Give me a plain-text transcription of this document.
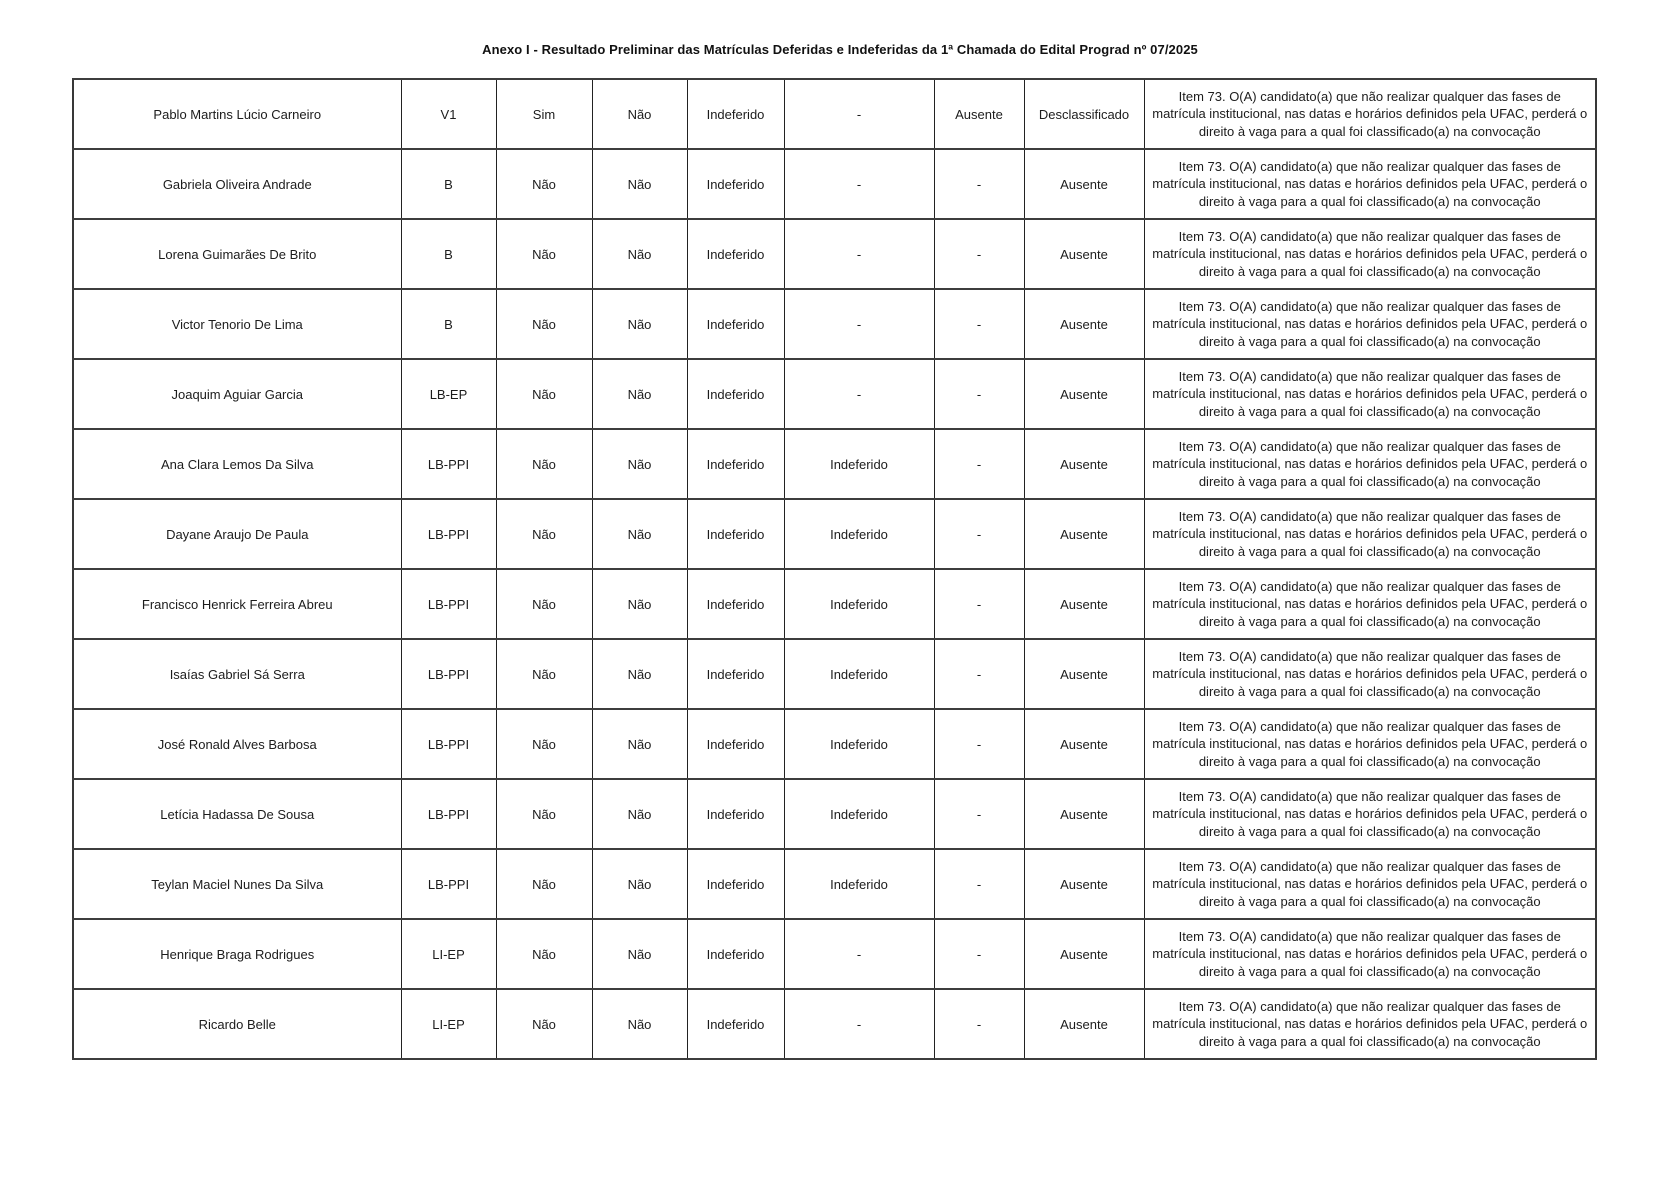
Anexo I - Resultado Preliminar das Matrículas Deferidas e Indeferidas da 1ª Chamada do Edital Prograd nº 07/2025
Pablo Martins Lúcio Carneiro	V1	Sim	Não	Indeferido	-	Ausente	Desclassificado	Item 73. O(A) candidato(a) que não realizar qualquer das fases de matrícula institucional, nas datas e horários definidos pela UFAC, perderá o direito à vaga para a qual foi classificado(a) na convocação
Gabriela Oliveira Andrade	B	Não	Não	Indeferido	-	-	Ausente	Item 73. O(A) candidato(a) que não realizar qualquer das fases de matrícula institucional, nas datas e horários definidos pela UFAC, perderá o direito à vaga para a qual foi classificado(a) na convocação
Lorena Guimarães De Brito	B	Não	Não	Indeferido	-	-	Ausente	Item 73. O(A) candidato(a) que não realizar qualquer das fases de matrícula institucional, nas datas e horários definidos pela UFAC, perderá o direito à vaga para a qual foi classificado(a) na convocação
Victor Tenorio De Lima	B	Não	Não	Indeferido	-	-	Ausente	Item 73. O(A) candidato(a) que não realizar qualquer das fases de matrícula institucional, nas datas e horários definidos pela UFAC, perderá o direito à vaga para a qual foi classificado(a) na convocação
Joaquim Aguiar Garcia	LB-EP	Não	Não	Indeferido	-	-	Ausente	Item 73. O(A) candidato(a) que não realizar qualquer das fases de matrícula institucional, nas datas e horários definidos pela UFAC, perderá o direito à vaga para a qual foi classificado(a) na convocação
Ana Clara Lemos Da Silva	LB-PPI	Não	Não	Indeferido	Indeferido	-	Ausente	Item 73. O(A) candidato(a) que não realizar qualquer das fases de matrícula institucional, nas datas e horários definidos pela UFAC, perderá o direito à vaga para a qual foi classificado(a) na convocação
Dayane Araujo De Paula	LB-PPI	Não	Não	Indeferido	Indeferido	-	Ausente	Item 73. O(A) candidato(a) que não realizar qualquer das fases de matrícula institucional, nas datas e horários definidos pela UFAC, perderá o direito à vaga para a qual foi classificado(a) na convocação
Francisco Henrick Ferreira Abreu	LB-PPI	Não	Não	Indeferido	Indeferido	-	Ausente	Item 73. O(A) candidato(a) que não realizar qualquer das fases de matrícula institucional, nas datas e horários definidos pela UFAC, perderá o direito à vaga para a qual foi classificado(a) na convocação
Isaías Gabriel Sá Serra	LB-PPI	Não	Não	Indeferido	Indeferido	-	Ausente	Item 73. O(A) candidato(a) que não realizar qualquer das fases de matrícula institucional, nas datas e horários definidos pela UFAC, perderá o direito à vaga para a qual foi classificado(a) na convocação
José Ronald Alves Barbosa	LB-PPI	Não	Não	Indeferido	Indeferido	-	Ausente	Item 73. O(A) candidato(a) que não realizar qualquer das fases de matrícula institucional, nas datas e horários definidos pela UFAC, perderá o direito à vaga para a qual foi classificado(a) na convocação
Letícia Hadassa De Sousa	LB-PPI	Não	Não	Indeferido	Indeferido	-	Ausente	Item 73. O(A) candidato(a) que não realizar qualquer das fases de matrícula institucional, nas datas e horários definidos pela UFAC, perderá o direito à vaga para a qual foi classificado(a) na convocação
Teylan Maciel Nunes Da Silva	LB-PPI	Não	Não	Indeferido	Indeferido	-	Ausente	Item 73. O(A) candidato(a) que não realizar qualquer das fases de matrícula institucional, nas datas e horários definidos pela UFAC, perderá o direito à vaga para a qual foi classificado(a) na convocação
Henrique Braga Rodrigues	LI-EP	Não	Não	Indeferido	-	-	Ausente	Item 73. O(A) candidato(a) que não realizar qualquer das fases de matrícula institucional, nas datas e horários definidos pela UFAC, perderá o direito à vaga para a qual foi classificado(a) na convocação
Ricardo Belle	LI-EP	Não	Não	Indeferido	-	-	Ausente	Item 73. O(A) candidato(a) que não realizar qualquer das fases de matrícula institucional, nas datas e horários definidos pela UFAC, perderá o direito à vaga para a qual foi classificado(a) na convocação
